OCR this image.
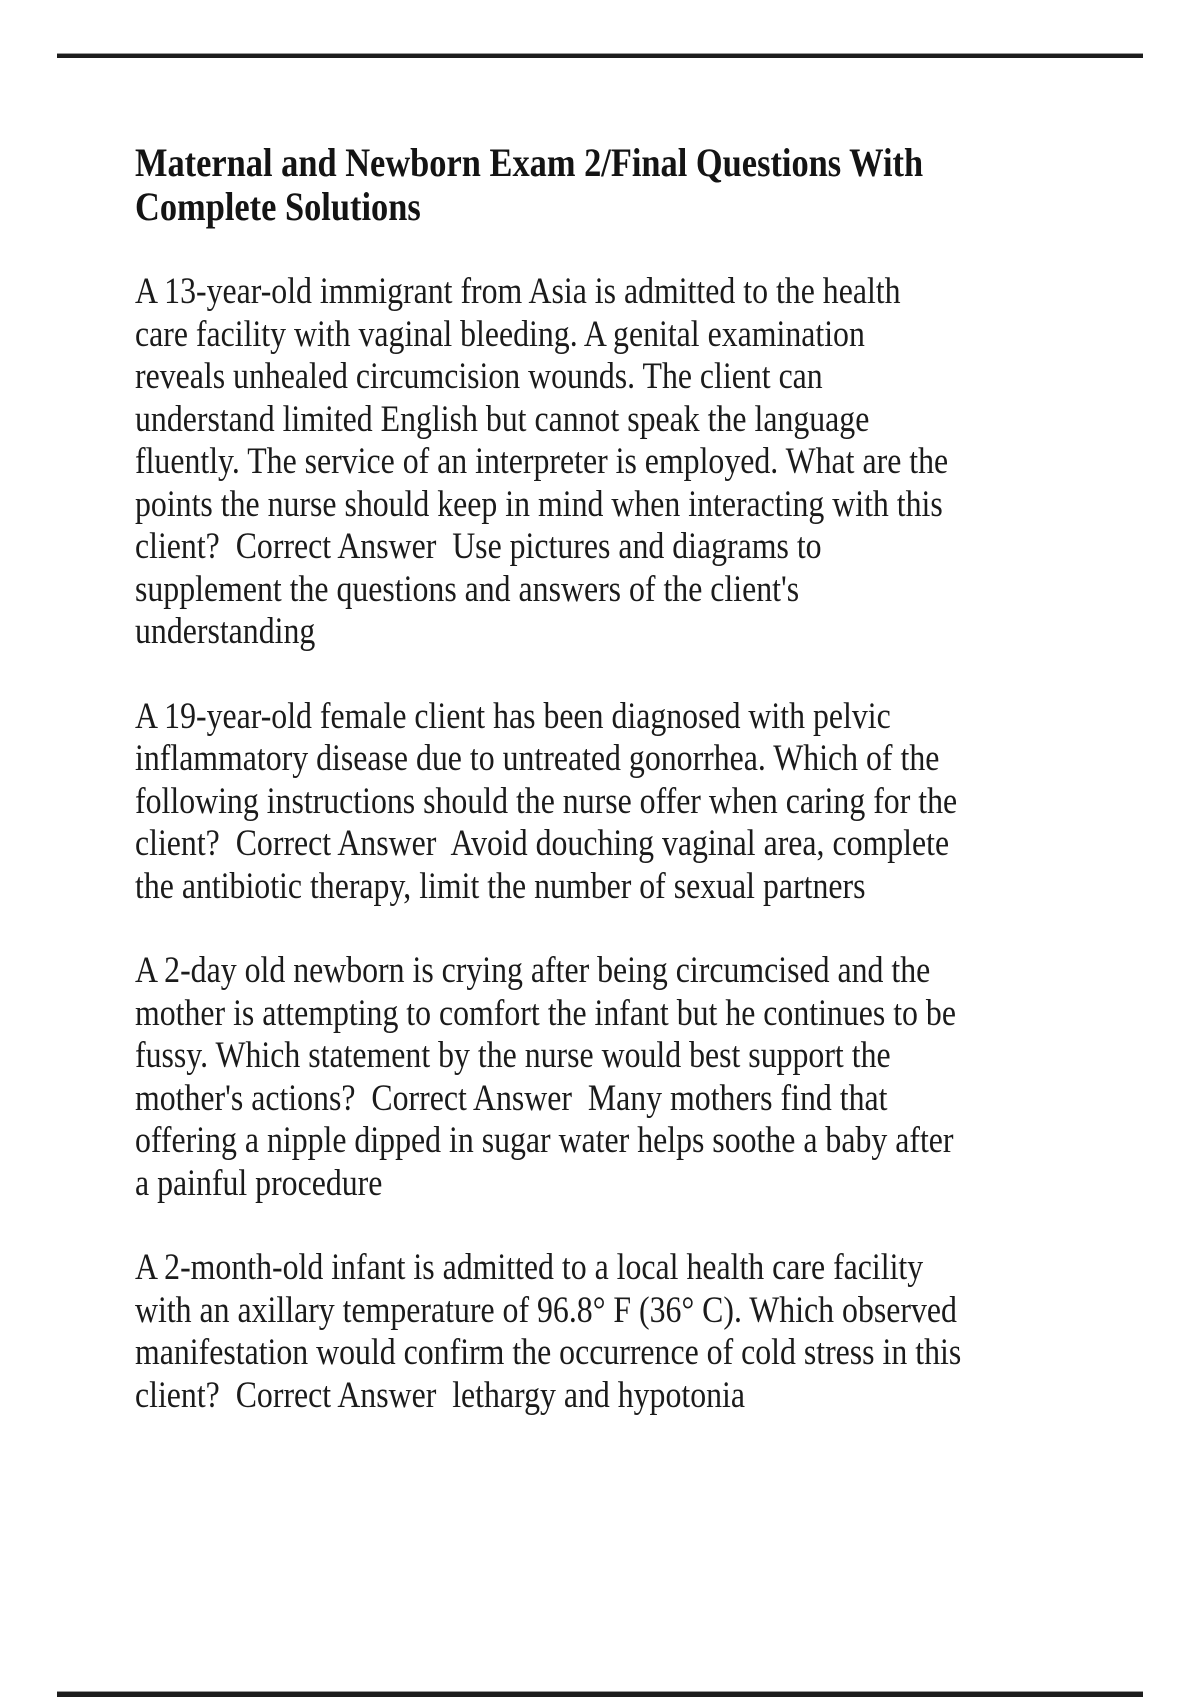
Maternal and Newborn Exam 2/Final Questions With
Complete Solutions

A 13-year-old immigrant from Asia is admitted to the health
care facility with vaginal bleeding. A genital examination
reveals unhealed circumcision wounds. The client can
understand limited English but cannot speak the language
fluently. The service of an interpreter is employed. What are the
points the nurse should keep in mind when interacting with this
client?  Correct Answer  Use pictures and diagrams to
supplement the questions and answers of the client's
understanding

A 19-year-old female client has been diagnosed with pelvic
inflammatory disease due to untreated gonorrhea. Which of the
following instructions should the nurse offer when caring for the
client?  Correct Answer  Avoid douching vaginal area, complete
the antibiotic therapy, limit the number of sexual partners

A 2-day old newborn is crying after being circumcised and the
mother is attempting to comfort the infant but he continues to be
fussy. Which statement by the nurse would best support the
mother's actions?  Correct Answer  Many mothers find that
offering a nipple dipped in sugar water helps soothe a baby after
a painful procedure

A 2-month-old infant is admitted to a local health care facility
with an axillary temperature of 96.8° F (36° C). Which observed
manifestation would confirm the occurrence of cold stress in this
client?  Correct Answer  lethargy and hypotonia
